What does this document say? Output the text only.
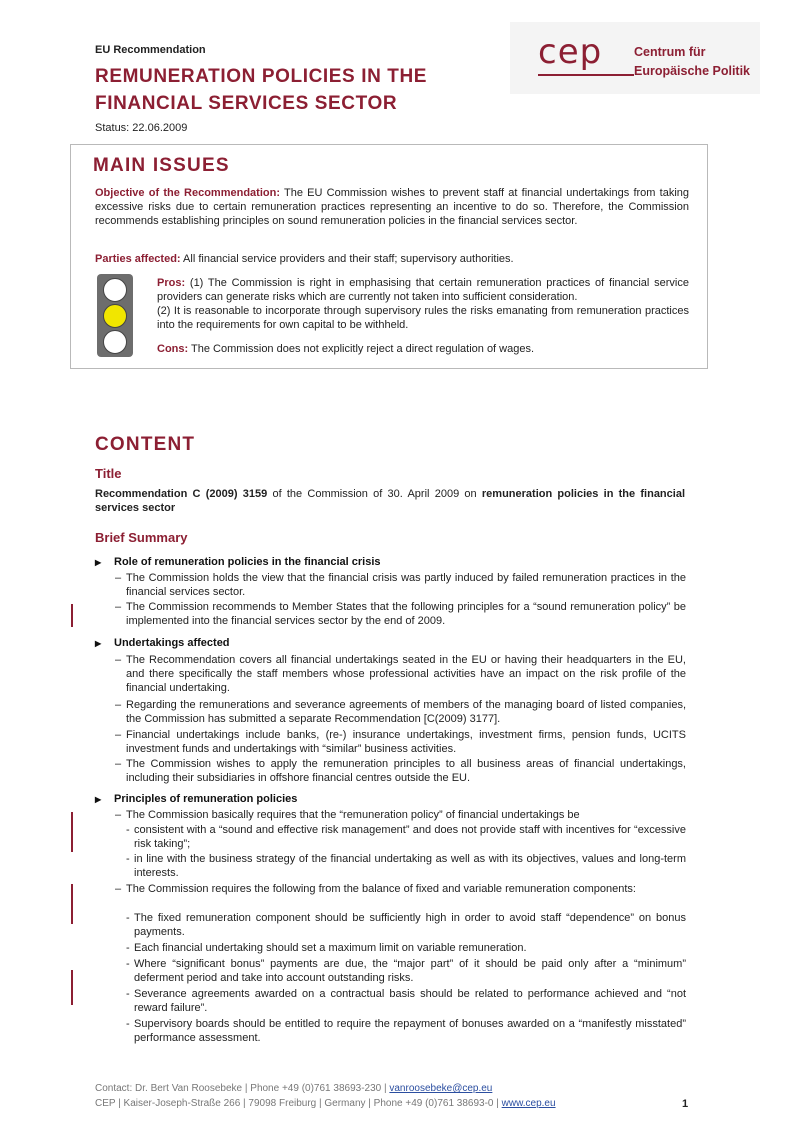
EU Recommendation
REMUNERATION POLICIES IN THE FINANCIAL SERVICES SECTOR
Status: 22.06.2009
cep	Centrum für
Europäische Politik
MAIN ISSUES
Objective of the Recommendation: The EU Commission wishes to prevent staff at financial undertakings from taking excessive risks due to certain remuneration practices representing an incentive to do so. Therefore, the Commission recommends establishing principles on sound remuneration policies in the financial services sector.
Parties affected: All financial service providers and their staff; supervisory authorities.
Pros: (1) The Commission is right in emphasising that certain remuneration practices of financial service providers can generate risks which are currently not taken into sufficient consideration.
(2) It is reasonable to incorporate through supervisory rules the risks emanating from remuneration practices into the requirements for own capital to be withheld.
Cons: The Commission does not explicitly reject a direct regulation of wages.
CONTENT
Title
Recommendation C (2009) 3159 of the Commission of 30. April 2009 on remuneration policies in the financial services sector
Brief Summary
▶ Role of remuneration policies in the financial crisis
– The Commission holds the view that the financial crisis was partly induced by failed remuneration practices in the financial services sector.
– The Commission recommends to Member States that the following principles for a “sound remuneration policy” be implemented into the financial services sector by the end of 2009.
▶ Undertakings affected
– The Recommendation covers all financial undertakings seated in the EU or having their headquarters in the EU, and there specifically the staff members whose professional activities have an impact on the risk profile of the financial undertaking.
– Regarding the remunerations and severance agreements of members of the managing board of listed companies, the Commission has submitted a separate Recommendation [C(2009) 3177].
– Financial undertakings include banks, (re-) insurance undertakings, investment firms, pension funds, UCITS investment funds and undertakings with “similar” business activities.
– The Commission wishes to apply the remuneration principles to all business areas of financial undertakings, including their subsidiaries in offshore financial centres outside the EU.
▶ Principles of remuneration policies
– The Commission basically requires that the “remuneration policy” of financial undertakings be
- consistent with a “sound and effective risk management” and does not provide staff with incentives for “excessive risk taking”;
- in line with the business strategy of the financial undertaking as well as with its objectives, values and long-term interests.
– The Commission requires the following from the balance of fixed and variable remuneration components:
- The fixed remuneration component should be sufficiently high in order to avoid staff “dependence” on bonus payments.
- Each financial undertaking should set a maximum limit on variable remuneration.
- Where “significant bonus” payments are due, the “major part” of it should be paid only after a “minimum” deferment period and take into account outstanding risks.
- Severance agreements awarded on a contractual basis should be related to performance achieved and “not reward failure”.
- Supervisory boards should be entitled to require the repayment of bonuses awarded on a “manifestly misstated” performance assessment.
Contact: Dr. Bert Van Roosebeke | Phone +49 (0)761 38693-230 | vanroosebeke@cep.eu
CEP | Kaiser-Joseph-Straße 266 | 79098 Freiburg | Germany | Phone +49 (0)761 38693-0 | www.cep.eu	1
